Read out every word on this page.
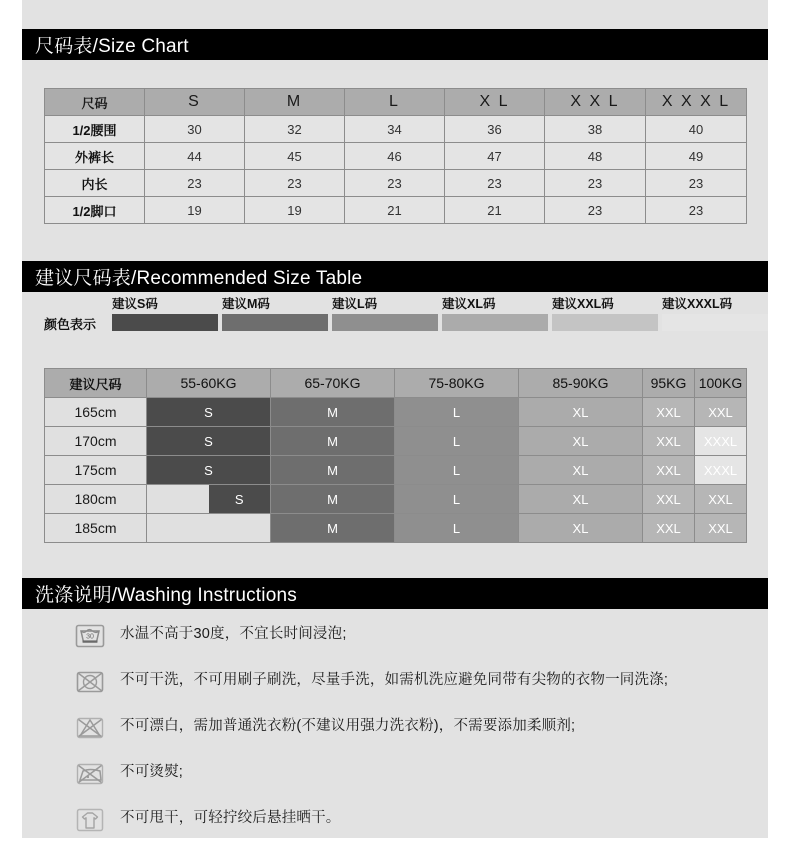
尺码表/Size Chart
尺码	S	M	L	X L	X X L	X X X L
1/2腰围	30	32	34	36	38	40
外裤长	44	45	46	47	48	49
内长	23	23	23	23	23	23
1/2脚口	19	19	21	21	23	23
建议尺码表/Recommended Size Table
颜色表示
建议S码	建议M码	建议L码	建议XL码	建议XXL码	建议XXXL码
建议尺码	55-60KG	65-70KG	75-80KG	85-90KG	95KG	100KG
165cm	S	M	L	XL	XXL	XXL
170cm	S	M	L	XL	XXL	XXXL
175cm	S	M	L	XL	XXL	XXXL
180cm	S	M	L	XL	XXL	XXL
185cm		M	L	XL	XXL	XXL
洗涤说明/Washing Instructions
30 水温不高于30度，不宜长时间浸泡;
不可干洗，不可用刷子刷洗，尽量手洗，如需机洗应避免同带有尖物的衣物一同洗涤;
不可漂白，需加普通洗衣粉(不建议用强力洗衣粉)，不需要添加柔顺剂;
不可烫熨;
不可甩干，可轻拧绞后悬挂晒干。
